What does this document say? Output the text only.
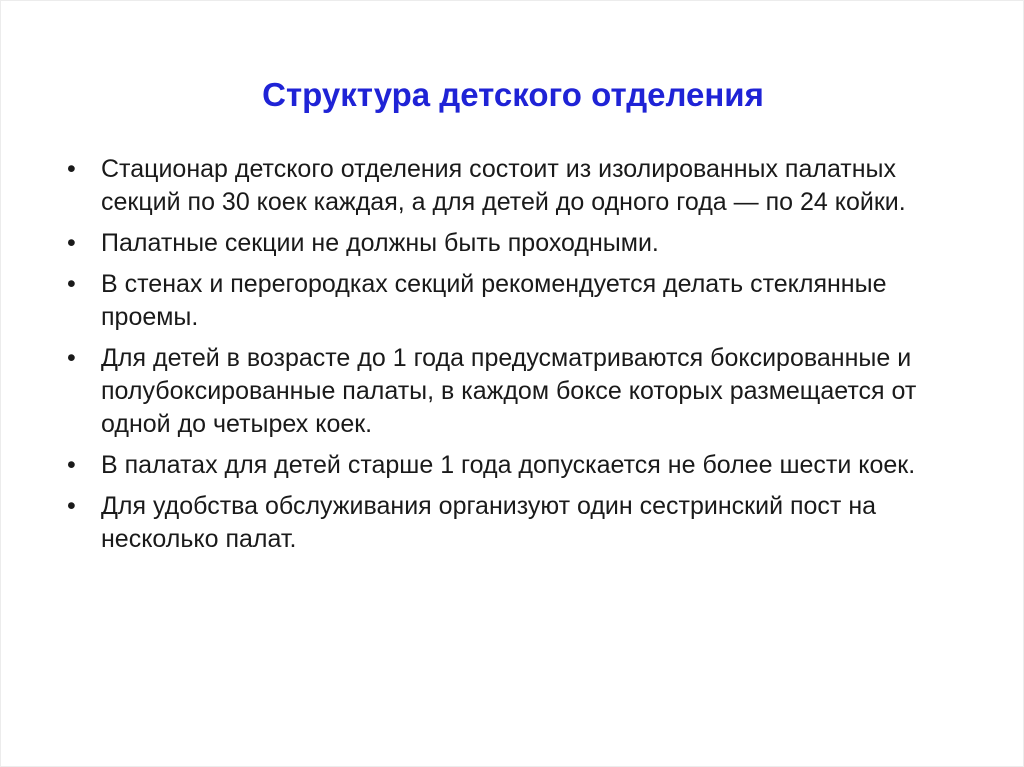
Структура детского отделения
•	Стационар детского отделения состоит из изолированных палатных секций по 30 коек каждая, а для детей до одного года — по 24 койки.
•	Палатные секции не должны быть проходными.
•	В стенах и перегородках секций рекомендуется делать стеклянные проемы.
•	Для детей в возрасте до 1 года предусматриваются боксированные и полубоксированные палаты, в каждом боксе которых размещается от одной до четырех коек.
•	В палатах для детей старше 1 года допускается не более шести коек.
•	Для удобства обслуживания организуют один сестринский пост на несколько палат.
